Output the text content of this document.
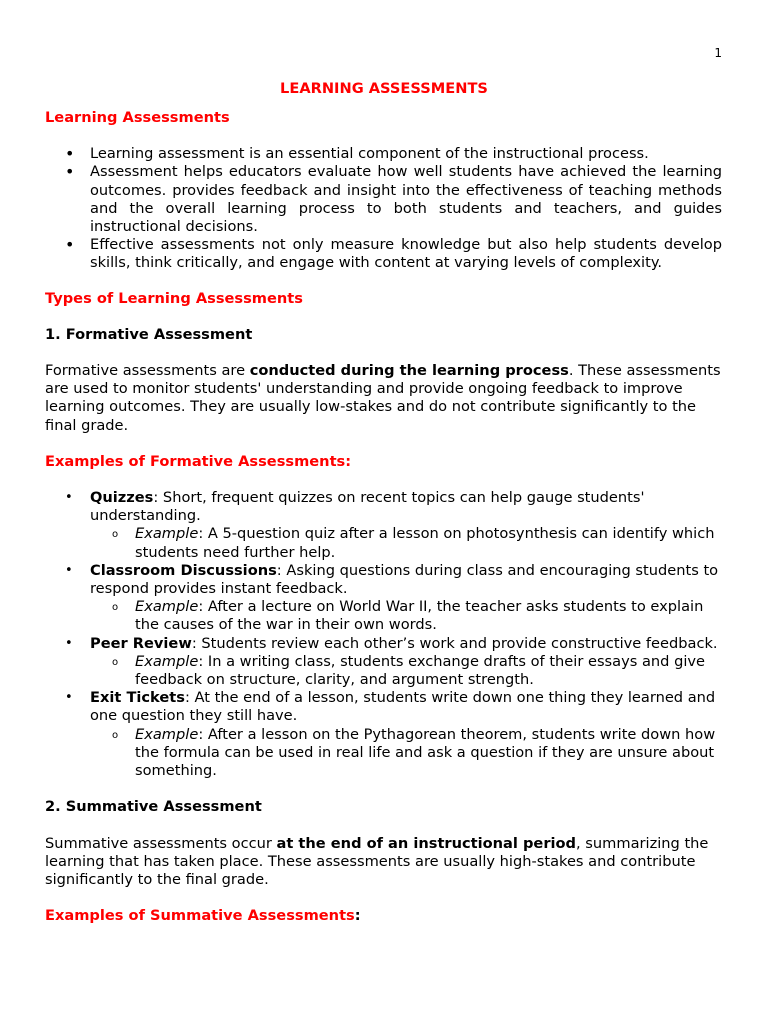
1
LEARNING ASSESSMENTS

Learning Assessments

• Learning assessment is an essential component of the instructional process.
• Assessment helps educators evaluate how well students have achieved the learning outcomes. provides feedback and insight into the effectiveness of teaching methods and the overall learning process to both students and teachers, and guides instructional decisions.
• Effective assessments not only measure knowledge but also help students develop skills, think critically, and engage with content at varying levels of complexity.

Types of Learning Assessments

1. Formative Assessment

Formative assessments are conducted during the learning process. These assessments are used to monitor students' understanding and provide ongoing feedback to improve learning outcomes. They are usually low-stakes and do not contribute significantly to the final grade.

Examples of Formative Assessments:

• Quizzes: Short, frequent quizzes on recent topics can help gauge students' understanding.
o Example: A 5-question quiz after a lesson on photosynthesis can identify which students need further help.
• Classroom Discussions: Asking questions during class and encouraging students to respond provides instant feedback.
o Example: After a lecture on World War II, the teacher asks students to explain the causes of the war in their own words.
• Peer Review: Students review each other’s work and provide constructive feedback.
o Example: In a writing class, students exchange drafts of their essays and give feedback on structure, clarity, and argument strength.
• Exit Tickets: At the end of a lesson, students write down one thing they learned and one question they still have.
o Example: After a lesson on the Pythagorean theorem, students write down how the formula can be used in real life and ask a question if they are unsure about something.

2. Summative Assessment

Summative assessments occur at the end of an instructional period, summarizing the learning that has taken place. These assessments are usually high-stakes and contribute significantly to the final grade.

Examples of Summative Assessments:
